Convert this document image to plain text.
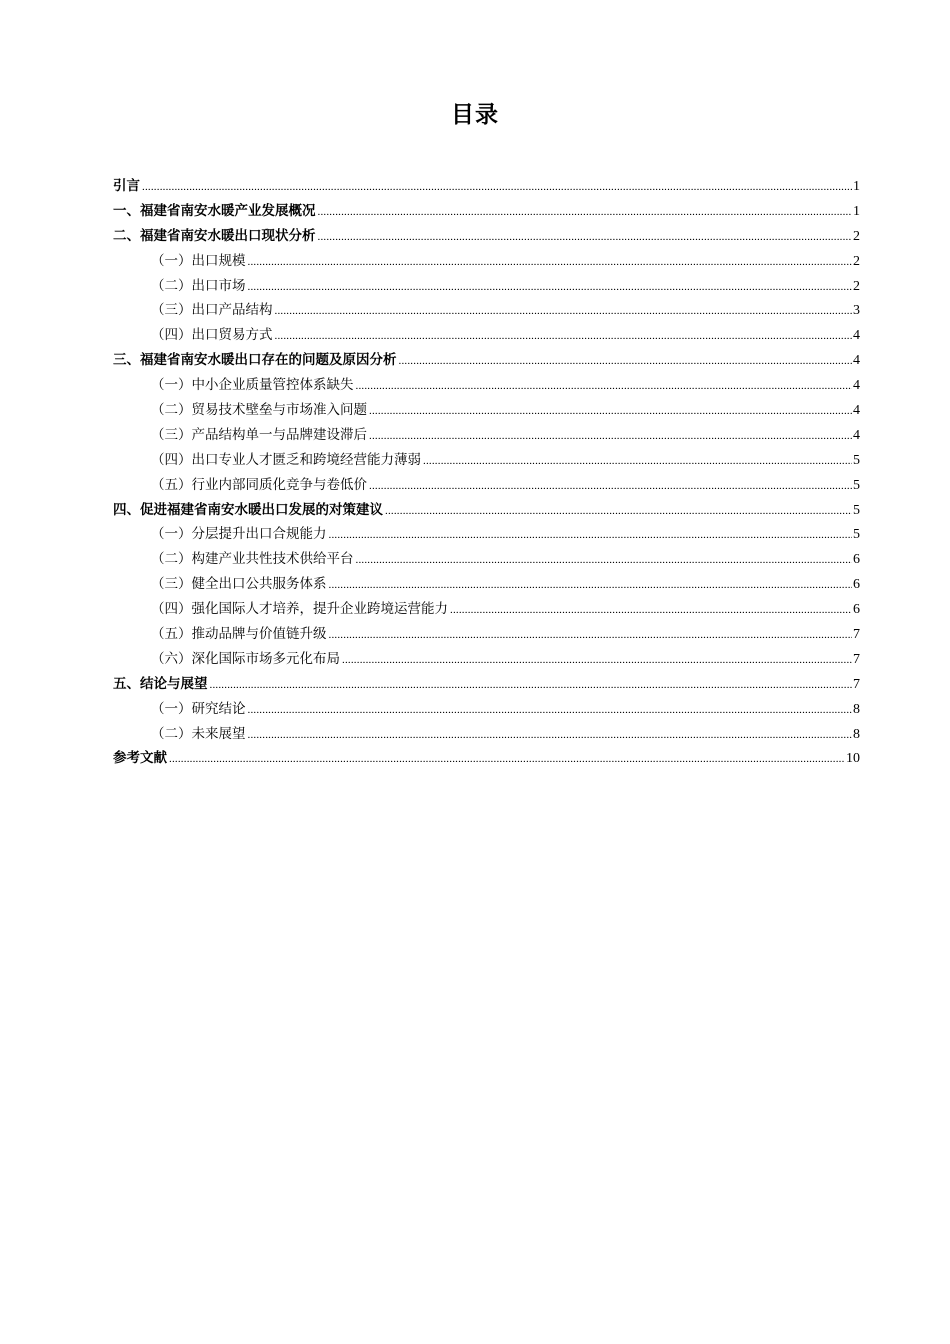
目录
引言 .....	1
一、福建省南安水暖产业发展概况 .....	1
二、福建省南安水暖出口现状分析 .....	2
（一）出口规模 .....	2
（二）出口市场 .....	2
（三）出口产品结构 .....	3
（四）出口贸易方式 .....	4
三、福建省南安水暖出口存在的问题及原因分析 .....	4
（一）中小企业质量管控体系缺失 .....	4
（二）贸易技术壁垒与市场准入问题 .....	4
（三）产品结构单一与品牌建设滞后 .....	4
（四）出口专业人才匮乏和跨境经营能力薄弱 .....	5
（五）行业内部同质化竞争与卷低价 .....	5
四、促进福建省南安水暖出口发展的对策建议 .....	5
（一）分层提升出口合规能力 .....	5
（二）构建产业共性技术供给平台 .....	6
（三）健全出口公共服务体系 .....	6
（四）强化国际人才培养，提升企业跨境运营能力 .....	6
（五）推动品牌与价值链升级 .....	7
（六）深化国际市场多元化布局 .....	7
五、结论与展望 .....	7
（一）研究结论 .....	8
（二）未来展望 .....	8
参考文献 .....	10
